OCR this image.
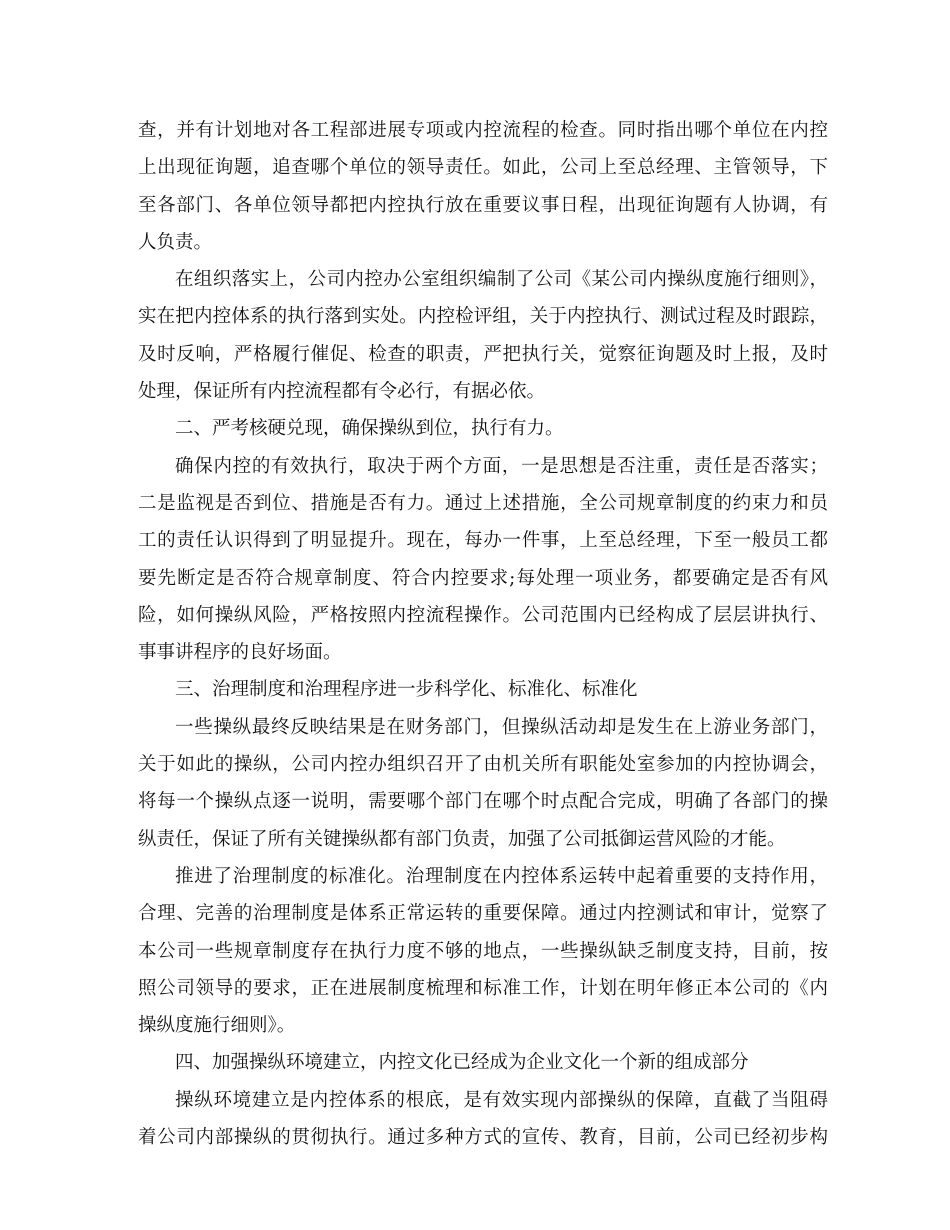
查，并有计划地对各工程部进展专项或内控流程的检查。同时指出哪个单位在内控
上出现征询题，追查哪个单位的领导责任。如此，公司上至总经理、主管领导，下
至各部门、各单位领导都把内控执行放在重要议事日程，出现征询题有人协调，有
人负责。
在组织落实上，公司内控办公室组织编制了公司《某公司内操纵度施行细则》，
实在把内控体系的执行落到实处。内控检评组，关于内控执行、测试过程及时跟踪，
及时反响，严格履行催促、检查的职责，严把执行关，觉察征询题及时上报，及时
处理，保证所有内控流程都有令必行，有据必依。
二、严考核硬兑现，确保操纵到位，执行有力。
确保内控的有效执行，取决于两个方面，一是思想是否注重，责任是否落实；
二是监视是否到位、措施是否有力。通过上述措施，全公司规章制度的约束力和员
工的责任认识得到了明显提升。现在，每办一件事，上至总经理，下至一般员工都
要先断定是否符合规章制度、符合内控要求;每处理一项业务，都要确定是否有风
险，如何操纵风险，严格按照内控流程操作。公司范围内已经构成了层层讲执行、
事事讲程序的良好场面。
三、治理制度和治理程序进一步科学化、标准化、标准化
一些操纵最终反映结果是在财务部门，但操纵活动却是发生在上游业务部门，
关于如此的操纵，公司内控办组织召开了由机关所有职能处室参加的内控协调会，
将每一个操纵点逐一说明，需要哪个部门在哪个时点配合完成，明确了各部门的操
纵责任，保证了所有关键操纵都有部门负责，加强了公司抵御运营风险的才能。
推进了治理制度的标准化。治理制度在内控体系运转中起着重要的支持作用，
合理、完善的治理制度是体系正常运转的重要保障。通过内控测试和审计，觉察了
本公司一些规章制度存在执行力度不够的地点，一些操纵缺乏制度支持，目前，按
照公司领导的要求，正在进展制度梳理和标准工作，计划在明年修正本公司的《内
操纵度施行细则》。
四、加强操纵环境建立，内控文化已经成为企业文化一个新的组成部分
操纵环境建立是内控体系的根底，是有效实现内部操纵的保障，直截了当阻碍
着公司内部操纵的贯彻执行。通过多种方式的宣传、教育，目前，公司已经初步构
